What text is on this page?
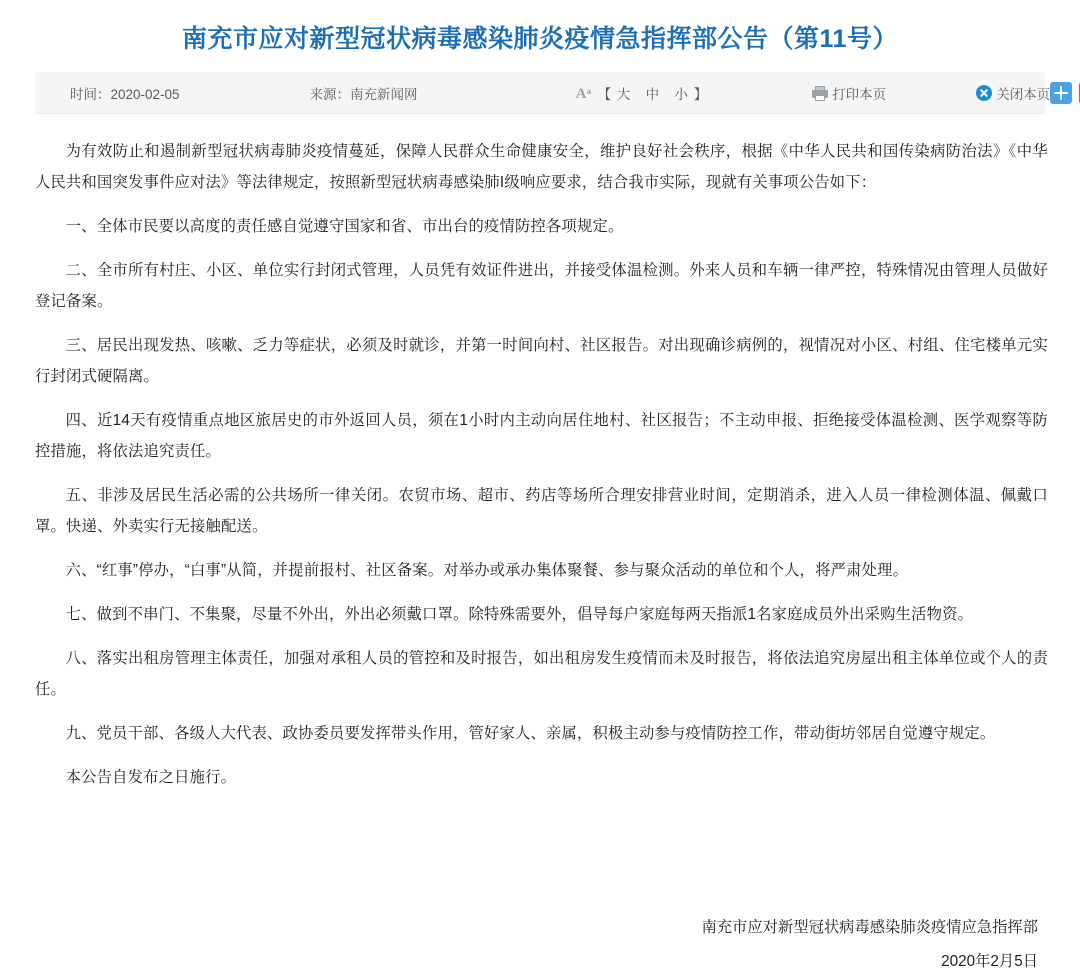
南充市应对新型冠状病毒感染肺炎疫情急指挥部公告（第11号）
时间：2020-02-05	来源：南充新闻网	A a 【 大 中 小 】	打印本页	关闭本页

为有效防止和遏制新型冠状病毒肺炎疫情蔓延，保障人民群众生命健康安全，维护良好社会秩序，根据《中华人民共和国传染病防治法》《中华人民共和国突发事件应对法》等法律规定，按照新型冠状病毒感染肺I级响应要求，结合我市实际，现就有关事项公告如下：

一、全体市民要以高度的责任感自觉遵守国家和省、市出台的疫情防控各项规定。

二、全市所有村庄、小区、单位实行封闭式管理，人员凭有效证件进出，并接受体温检测。外来人员和车辆一律严控，特殊情况由管理人员做好登记备案。

三、居民出现发热、咳嗽、乏力等症状，必须及时就诊，并第一时间向村、社区报告。对出现确诊病例的，视情况对小区、村组、住宅楼单元实行封闭式硬隔离。

四、近14天有疫情重点地区旅居史的市外返回人员，须在1小时内主动向居住地村、社区报告；不主动申报、拒绝接受体温检测、医学观察等防控措施，将依法追究责任。

五、非涉及居民生活必需的公共场所一律关闭。农贸市场、超市、药店等场所合理安排营业时间，定期消杀，进入人员一律检测体温、佩戴口罩。快递、外卖实行无接触配送。

六、“红事”停办，“白事”从简，并提前报村、社区备案。对举办或承办集体聚餐、参与聚众活动的单位和个人，将严肃处理。

七、做到不串门、不集聚，尽量不外出，外出必须戴口罩。除特殊需要外，倡导每户家庭每两天指派1名家庭成员外出采购生活物资。

八、落实出租房管理主体责任，加强对承租人员的管控和及时报告，如出租房发生疫情而未及时报告，将依法追究房屋出租主体单位或个人的责任。

九、党员干部、各级人大代表、政协委员要发挥带头作用，管好家人、亲属，积极主动参与疫情防控工作，带动街坊邻居自觉遵守规定。

本公告自发布之日施行。

南充市应对新型冠状病毒感染肺炎疫情应急指挥部
2020年2月5日
